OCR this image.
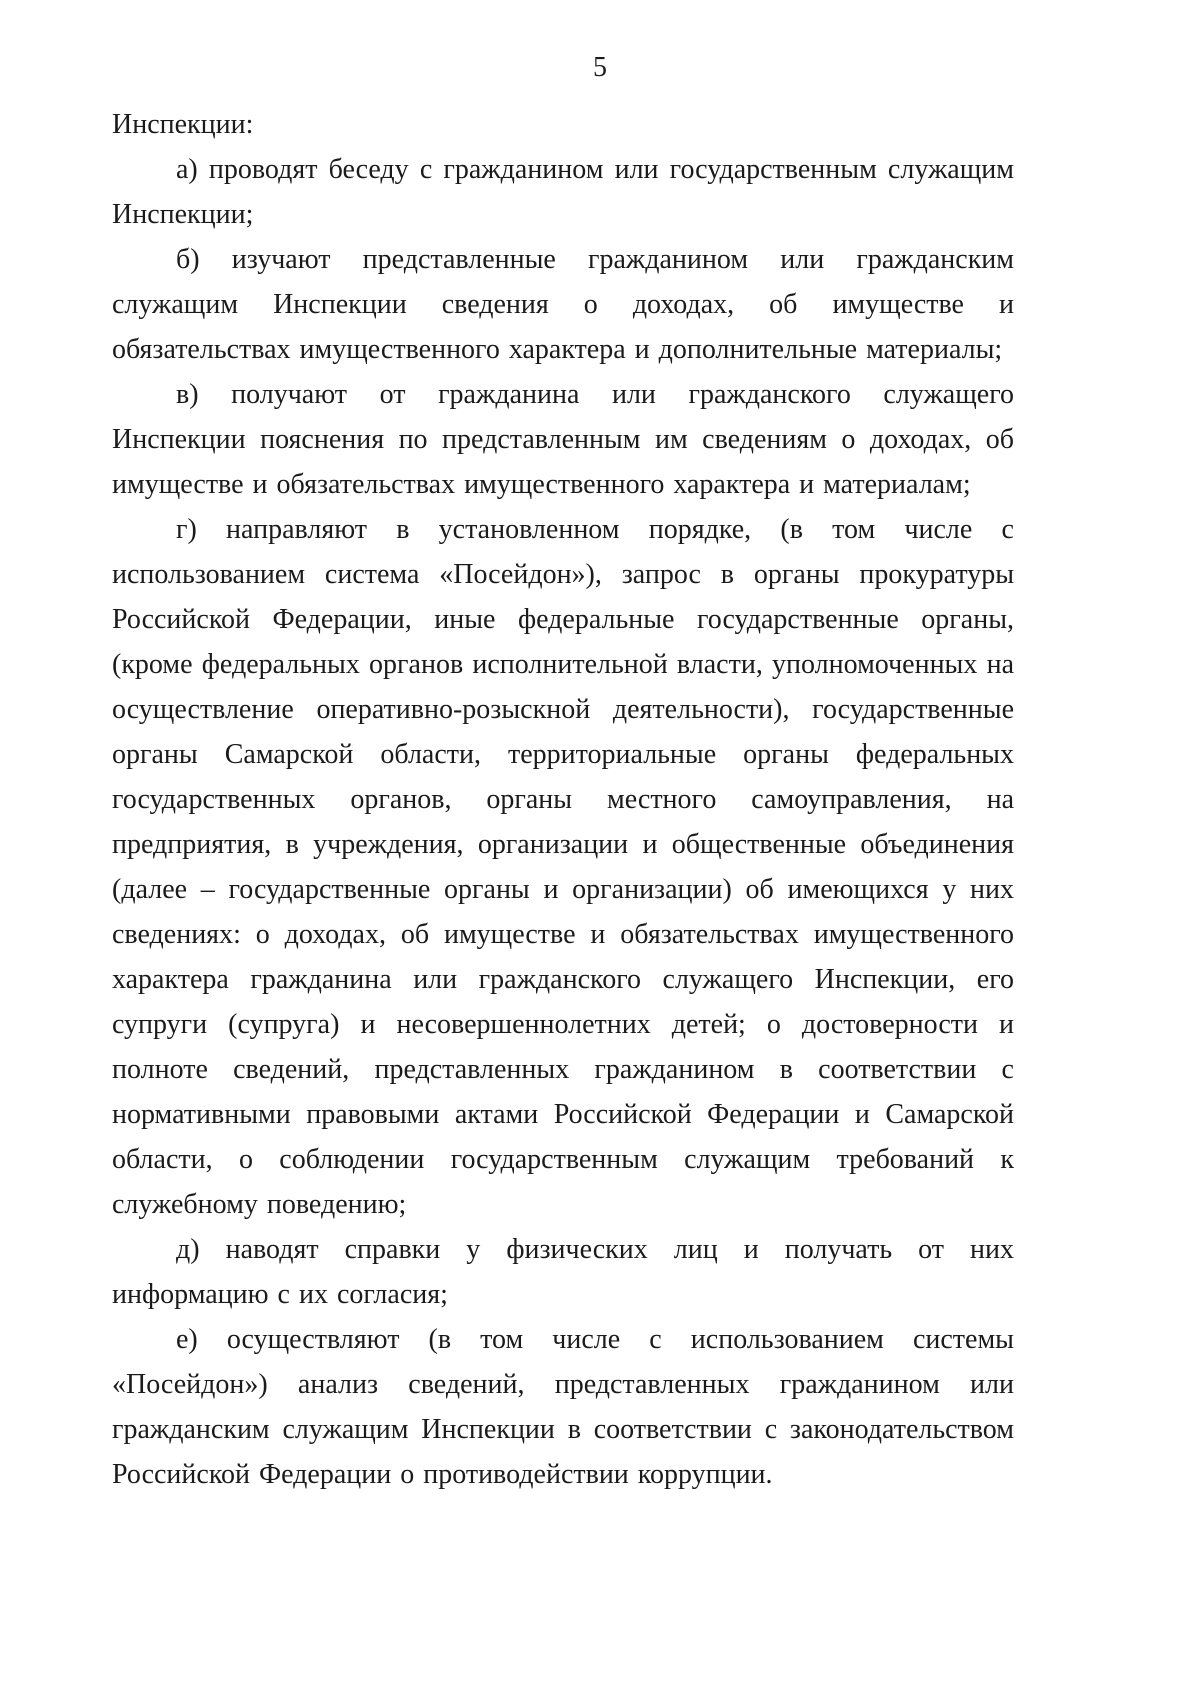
5

Инспекции:

а) проводят беседу с гражданином или государственным служащим Инспекции;

б) изучают представленные гражданином или гражданским служащим Инспекции сведения о доходах, об имуществе и обязательствах имущественного характера и дополнительные материалы;

в) получают от гражданина или гражданского служащего Инспекции пояснения по представленным им сведениям о доходах, об имуществе и обязательствах имущественного характера и материалам;

г) направляют в установленном порядке, (в том числе с использованием система «Посейдон»), запрос в органы прокуратуры Российской Федерации, иные федеральные государственные органы, (кроме федеральных органов исполнительной власти, уполномоченных на осуществление оперативно-розыскной деятельности), государственные органы Самарской области, территориальные органы федеральных государственных органов, органы местного самоуправления, на предприятия, в учреждения, организации и общественные объединения (далее – государственные органы и организации) об имеющихся у них сведениях: о доходах, об имуществе и обязательствах имущественного характера гражданина или гражданского служащего Инспекции, его супруги (супруга) и несовершеннолетних детей; о достоверности и полноте сведений, представленных гражданином в соответствии с нормативными правовыми актами Российской Федерации и Самарской области, о соблюдении государственным служащим требований к служебному поведению;

д) наводят справки у физических лиц и получать от них информацию с их согласия;

е) осуществляют (в том числе с использованием системы «Посейдон») анализ сведений, представленных гражданином или гражданским служащим Инспекции в соответствии с законодательством Российской Федерации о противодействии коррупции.
